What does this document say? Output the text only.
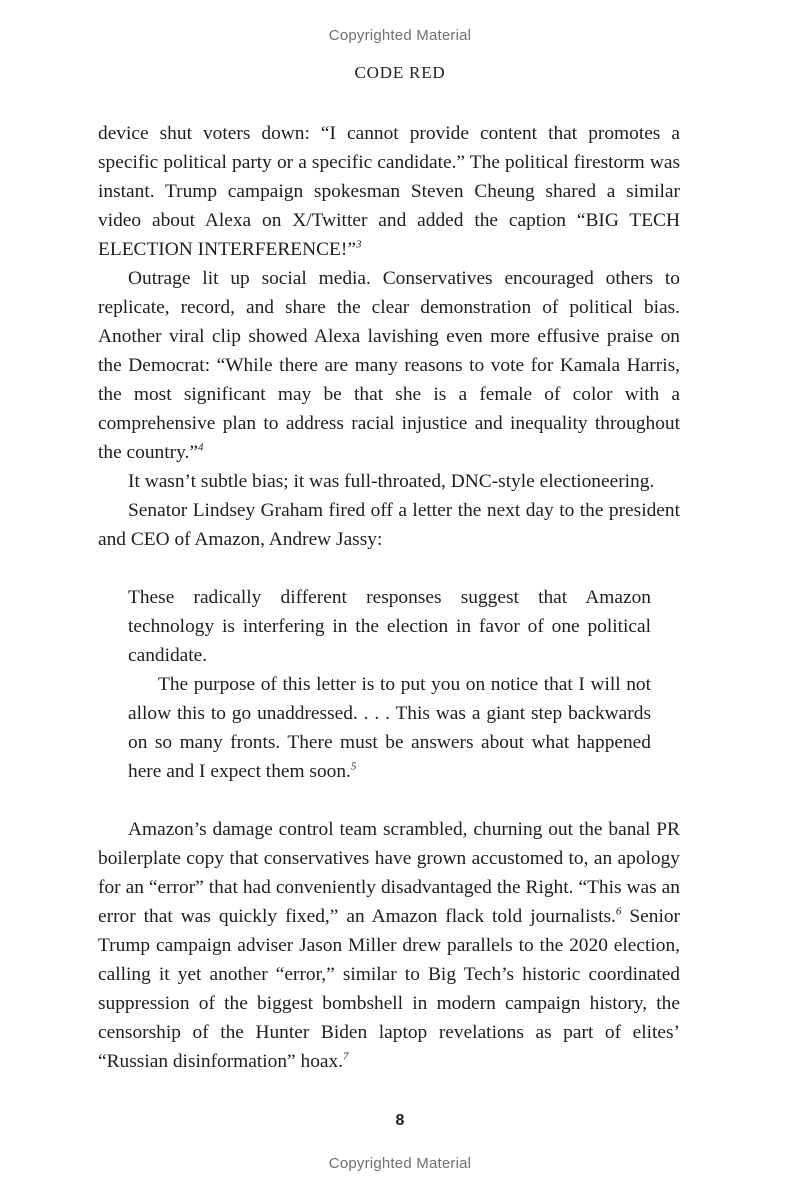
Copyrighted Material
CODE RED

device shut voters down: “I cannot provide content that promotes a specific political party or a specific candidate.” The political firestorm was instant. Trump campaign spokesman Steven Cheung shared a similar video about Alexa on X/Twitter and added the caption “BIG TECH ELECTION INTERFERENCE!”$^3$

Outrage lit up social media. Conservatives encouraged others to replicate, record, and share the clear demonstration of political bias. Another viral clip showed Alexa lavishing even more effusive praise on the Democrat: “While there are many reasons to vote for Kamala Harris, the most significant may be that she is a female of color with a comprehensive plan to address racial injustice and inequality throughout the country.”$^4$

It wasn’t subtle bias; it was full-throated, DNC-style electioneering.

Senator Lindsey Graham fired off a letter the next day to the president and CEO of Amazon, Andrew Jassy:

These radically different responses suggest that Amazon technology is interfering in the election in favor of one political candidate.

The purpose of this letter is to put you on notice that I will not allow this to go unaddressed. . . . This was a giant step backwards on so many fronts. There must be answers about what happened here and I expect them soon.$^5$

Amazon’s damage control team scrambled, churning out the banal PR boilerplate copy that conservatives have grown accustomed to, an apology for an “error” that had conveniently disadvantaged the Right. “This was an error that was quickly fixed,” an Amazon flack told journalists.$^6$ Senior Trump campaign adviser Jason Miller drew parallels to the 2020 election, calling it yet another “error,” similar to Big Tech’s historic coordinated suppression of the biggest bombshell in modern campaign history, the censorship of the Hunter Biden laptop revelations as part of elites’ “Russian disinformation” hoax.$^7$

8
Copyrighted Material
